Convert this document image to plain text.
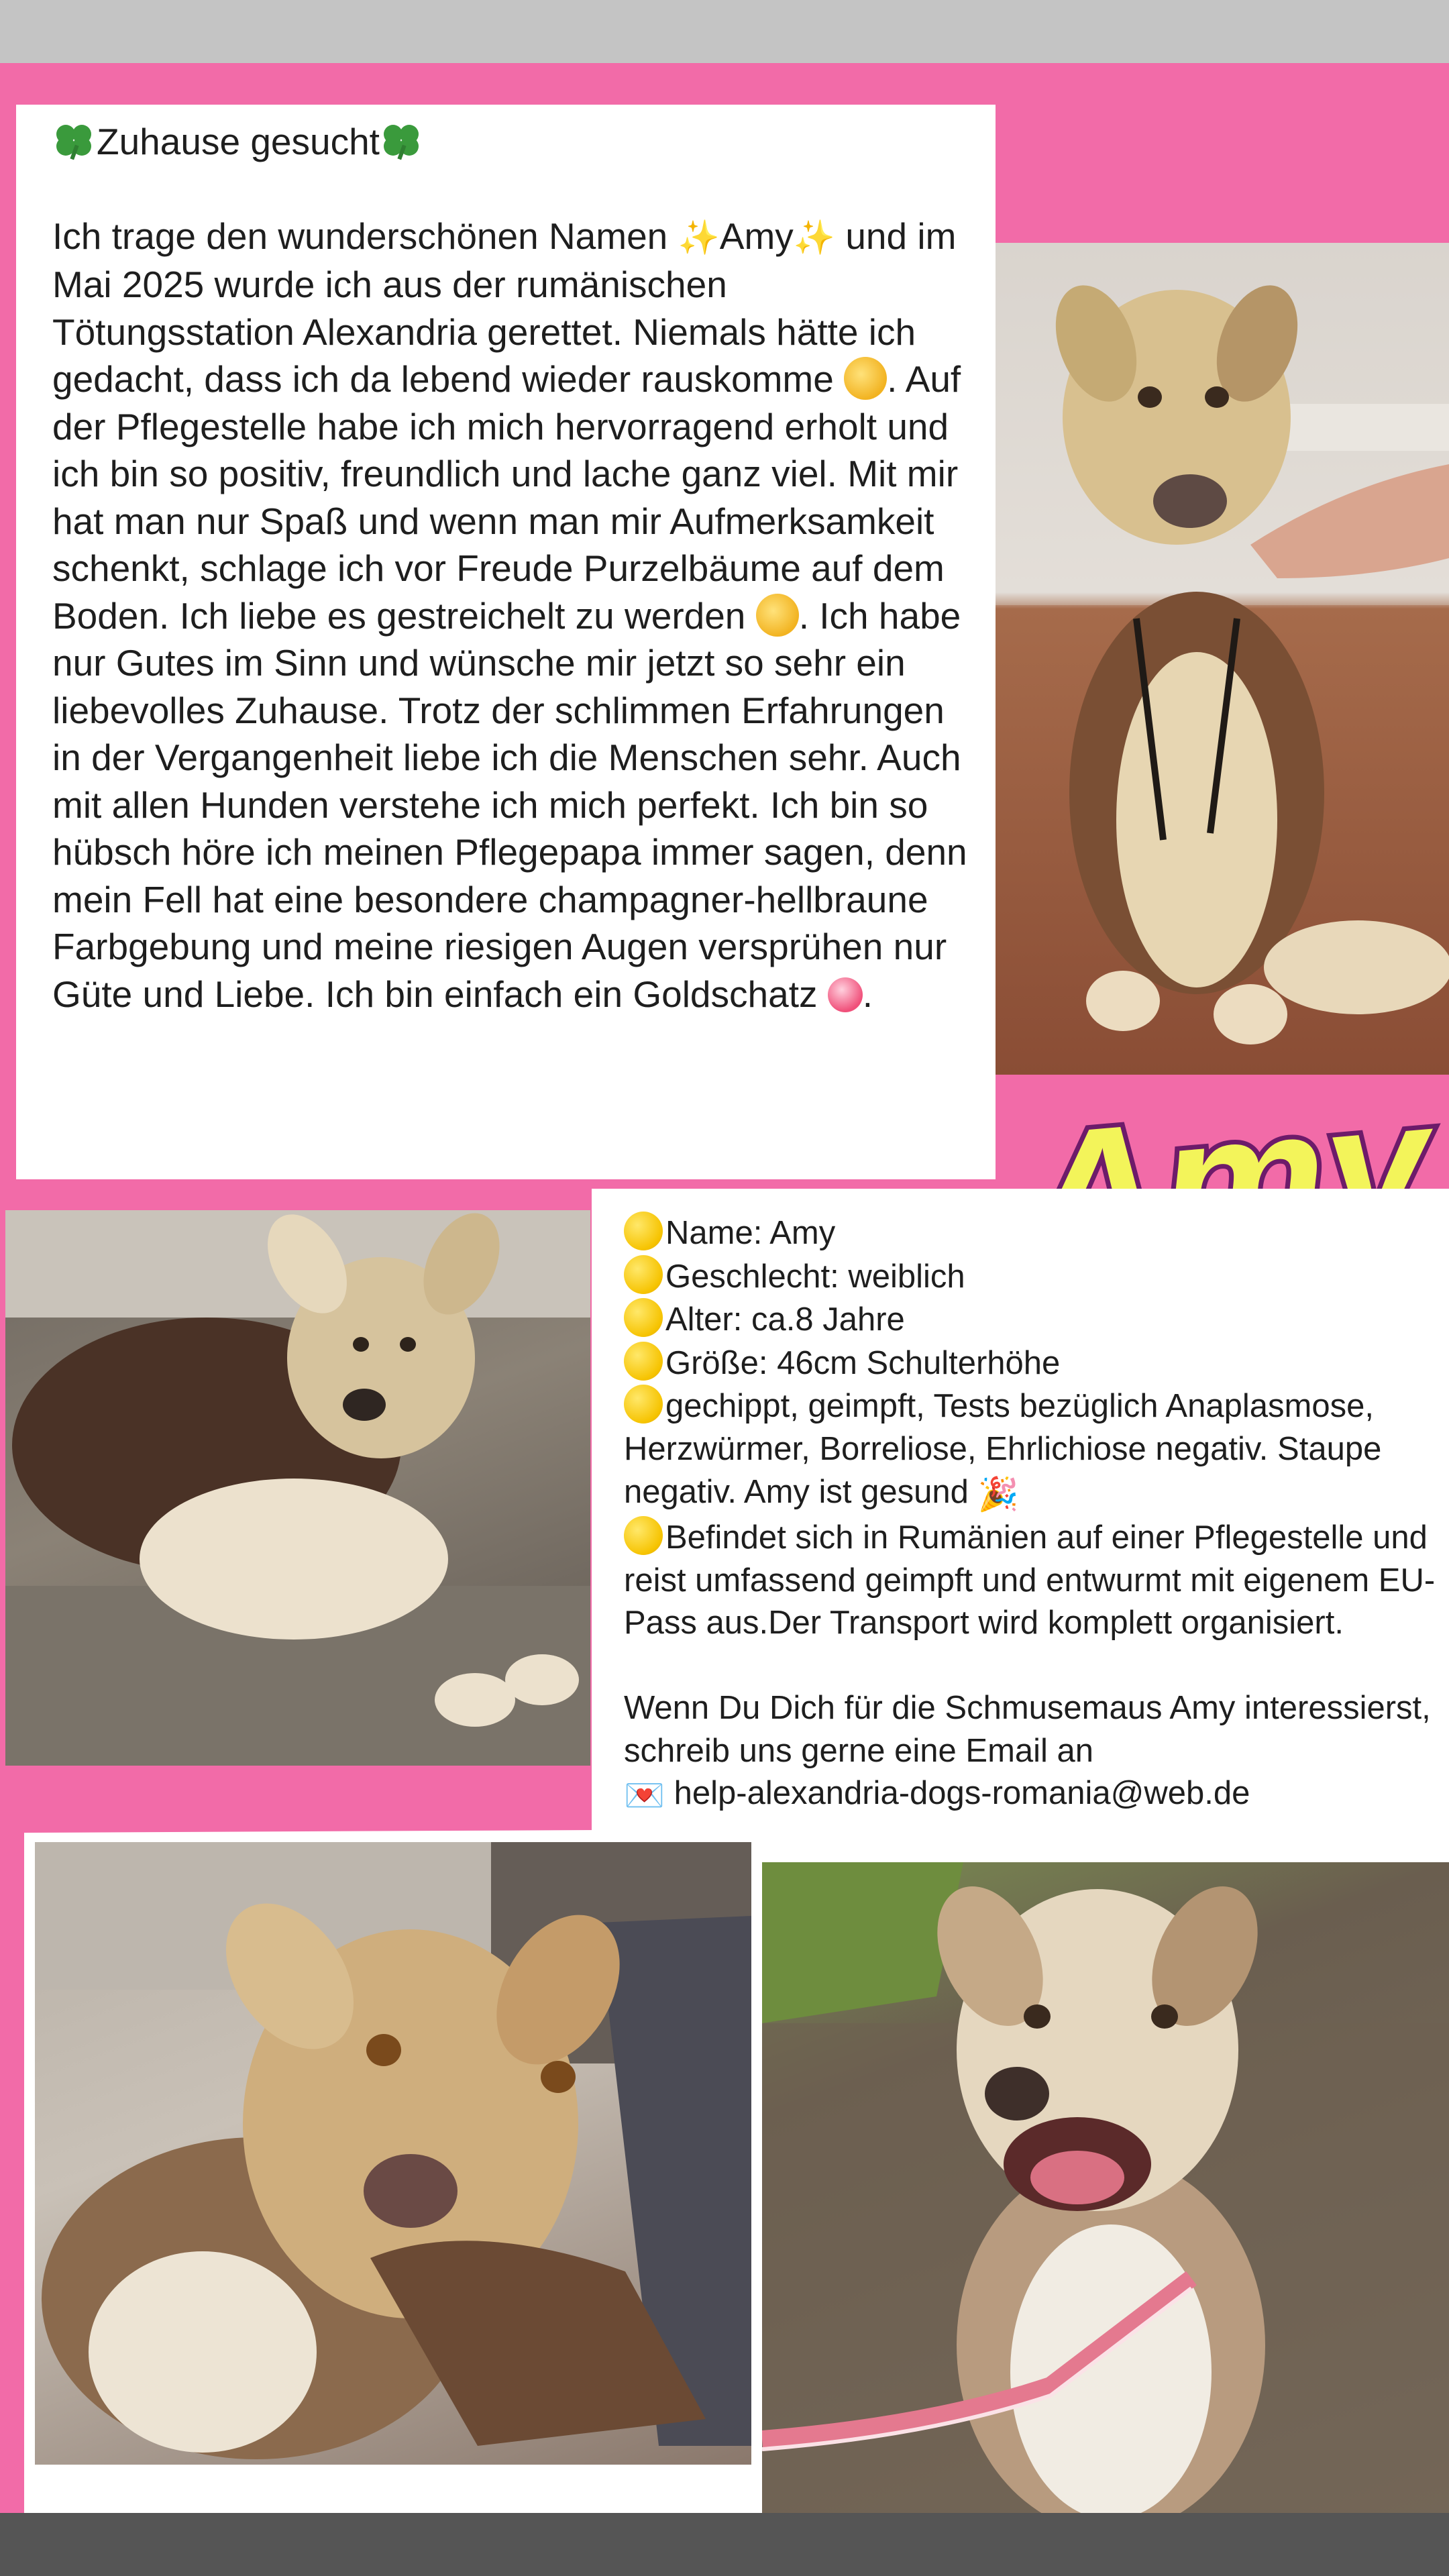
Zuhause gesucht

Ich trage den wunderschönen Namen ✨Amy✨ und im Mai 2025 wurde ich aus der rumänischen Tötungsstation Alexandria gerettet. Niemals hätte ich gedacht, dass ich da lebend wieder rauskomme . Auf der Pflegestelle habe ich mich hervorragend erholt und ich bin so positiv, freundlich und lache ganz viel. Mit mir hat man nur Spaß und wenn man mir Aufmerksamkeit schenkt, schlage ich vor Freude Purzelbäume auf dem Boden. Ich liebe es gestreichelt zu werden . Ich habe nur Gutes im Sinn und wünsche mir jetzt so sehr ein liebevolles Zuhause. Trotz der schlimmen Erfahrungen in der Vergangenheit liebe ich die Menschen sehr. Auch mit allen Hunden verstehe ich mich perfekt. Ich bin so hübsch höre ich meinen Pflegepapa immer sagen, denn mein Fell hat eine besondere champagner-hellbraune Farbgebung und meine riesigen Augen versprühen nur Güte und Liebe. Ich bin einfach ein Goldschatz .

Amy

Name: Amy

Geschlecht: weiblich

Alter: ca.8 Jahre

Größe: 46cm Schulterhöhe

gechippt, geimpft, Tests bezüglich Anaplasmose, Herzwürmer, Borreliose, Ehrlichiose negativ. Staupe negativ. Amy ist gesund 🎉

Befindet sich in Rumänien auf einer Pflegestelle und reist umfassend geimpft und entwurmt mit eigenem EU-Pass aus.Der Transport wird komplett organisiert.

Wenn Du Dich für die Schmusemaus Amy interessierst, schreib uns gerne eine Email an

💌 help-alexandria-dogs-romania@web.de
